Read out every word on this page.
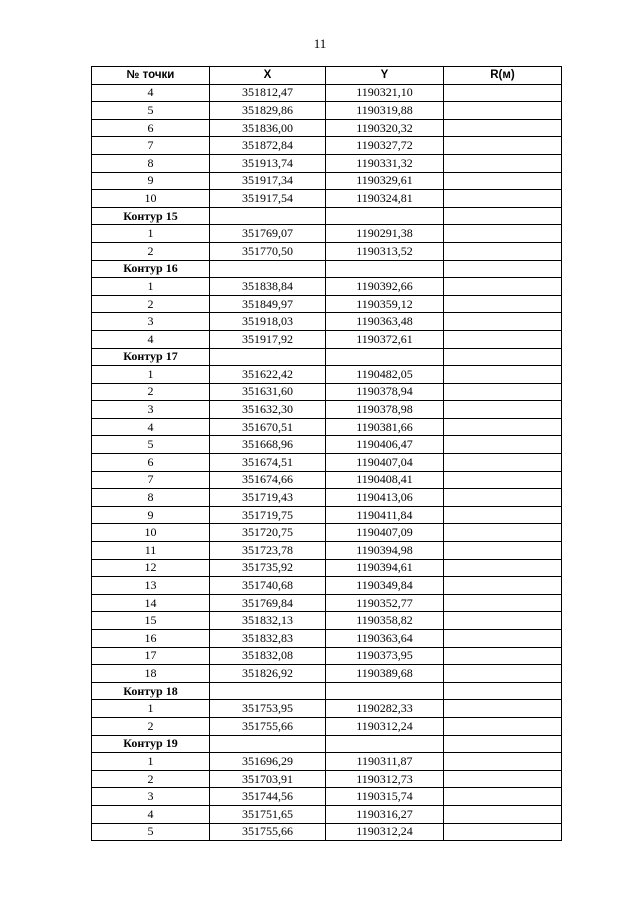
11
№ точки	X	Y	R(м)
4	351812,47	1190321,10	
5	351829,86	1190319,88	
6	351836,00	1190320,32	
7	351872,84	1190327,72	
8	351913,74	1190331,32	
9	351917,34	1190329,61	
10	351917,54	1190324,81	
Контур 15			
1	351769,07	1190291,38	
2	351770,50	1190313,52	
Контур 16			
1	351838,84	1190392,66	
2	351849,97	1190359,12	
3	351918,03	1190363,48	
4	351917,92	1190372,61	
Контур 17			
1	351622,42	1190482,05	
2	351631,60	1190378,94	
3	351632,30	1190378,98	
4	351670,51	1190381,66	
5	351668,96	1190406,47	
6	351674,51	1190407,04	
7	351674,66	1190408,41	
8	351719,43	1190413,06	
9	351719,75	1190411,84	
10	351720,75	1190407,09	
11	351723,78	1190394,98	
12	351735,92	1190394,61	
13	351740,68	1190349,84	
14	351769,84	1190352,77	
15	351832,13	1190358,82	
16	351832,83	1190363,64	
17	351832,08	1190373,95	
18	351826,92	1190389,68	
Контур 18			
1	351753,95	1190282,33	
2	351755,66	1190312,24	
Контур 19			
1	351696,29	1190311,87	
2	351703,91	1190312,73	
3	351744,56	1190315,74	
4	351751,65	1190316,27	
5	351755,66	1190312,24	
